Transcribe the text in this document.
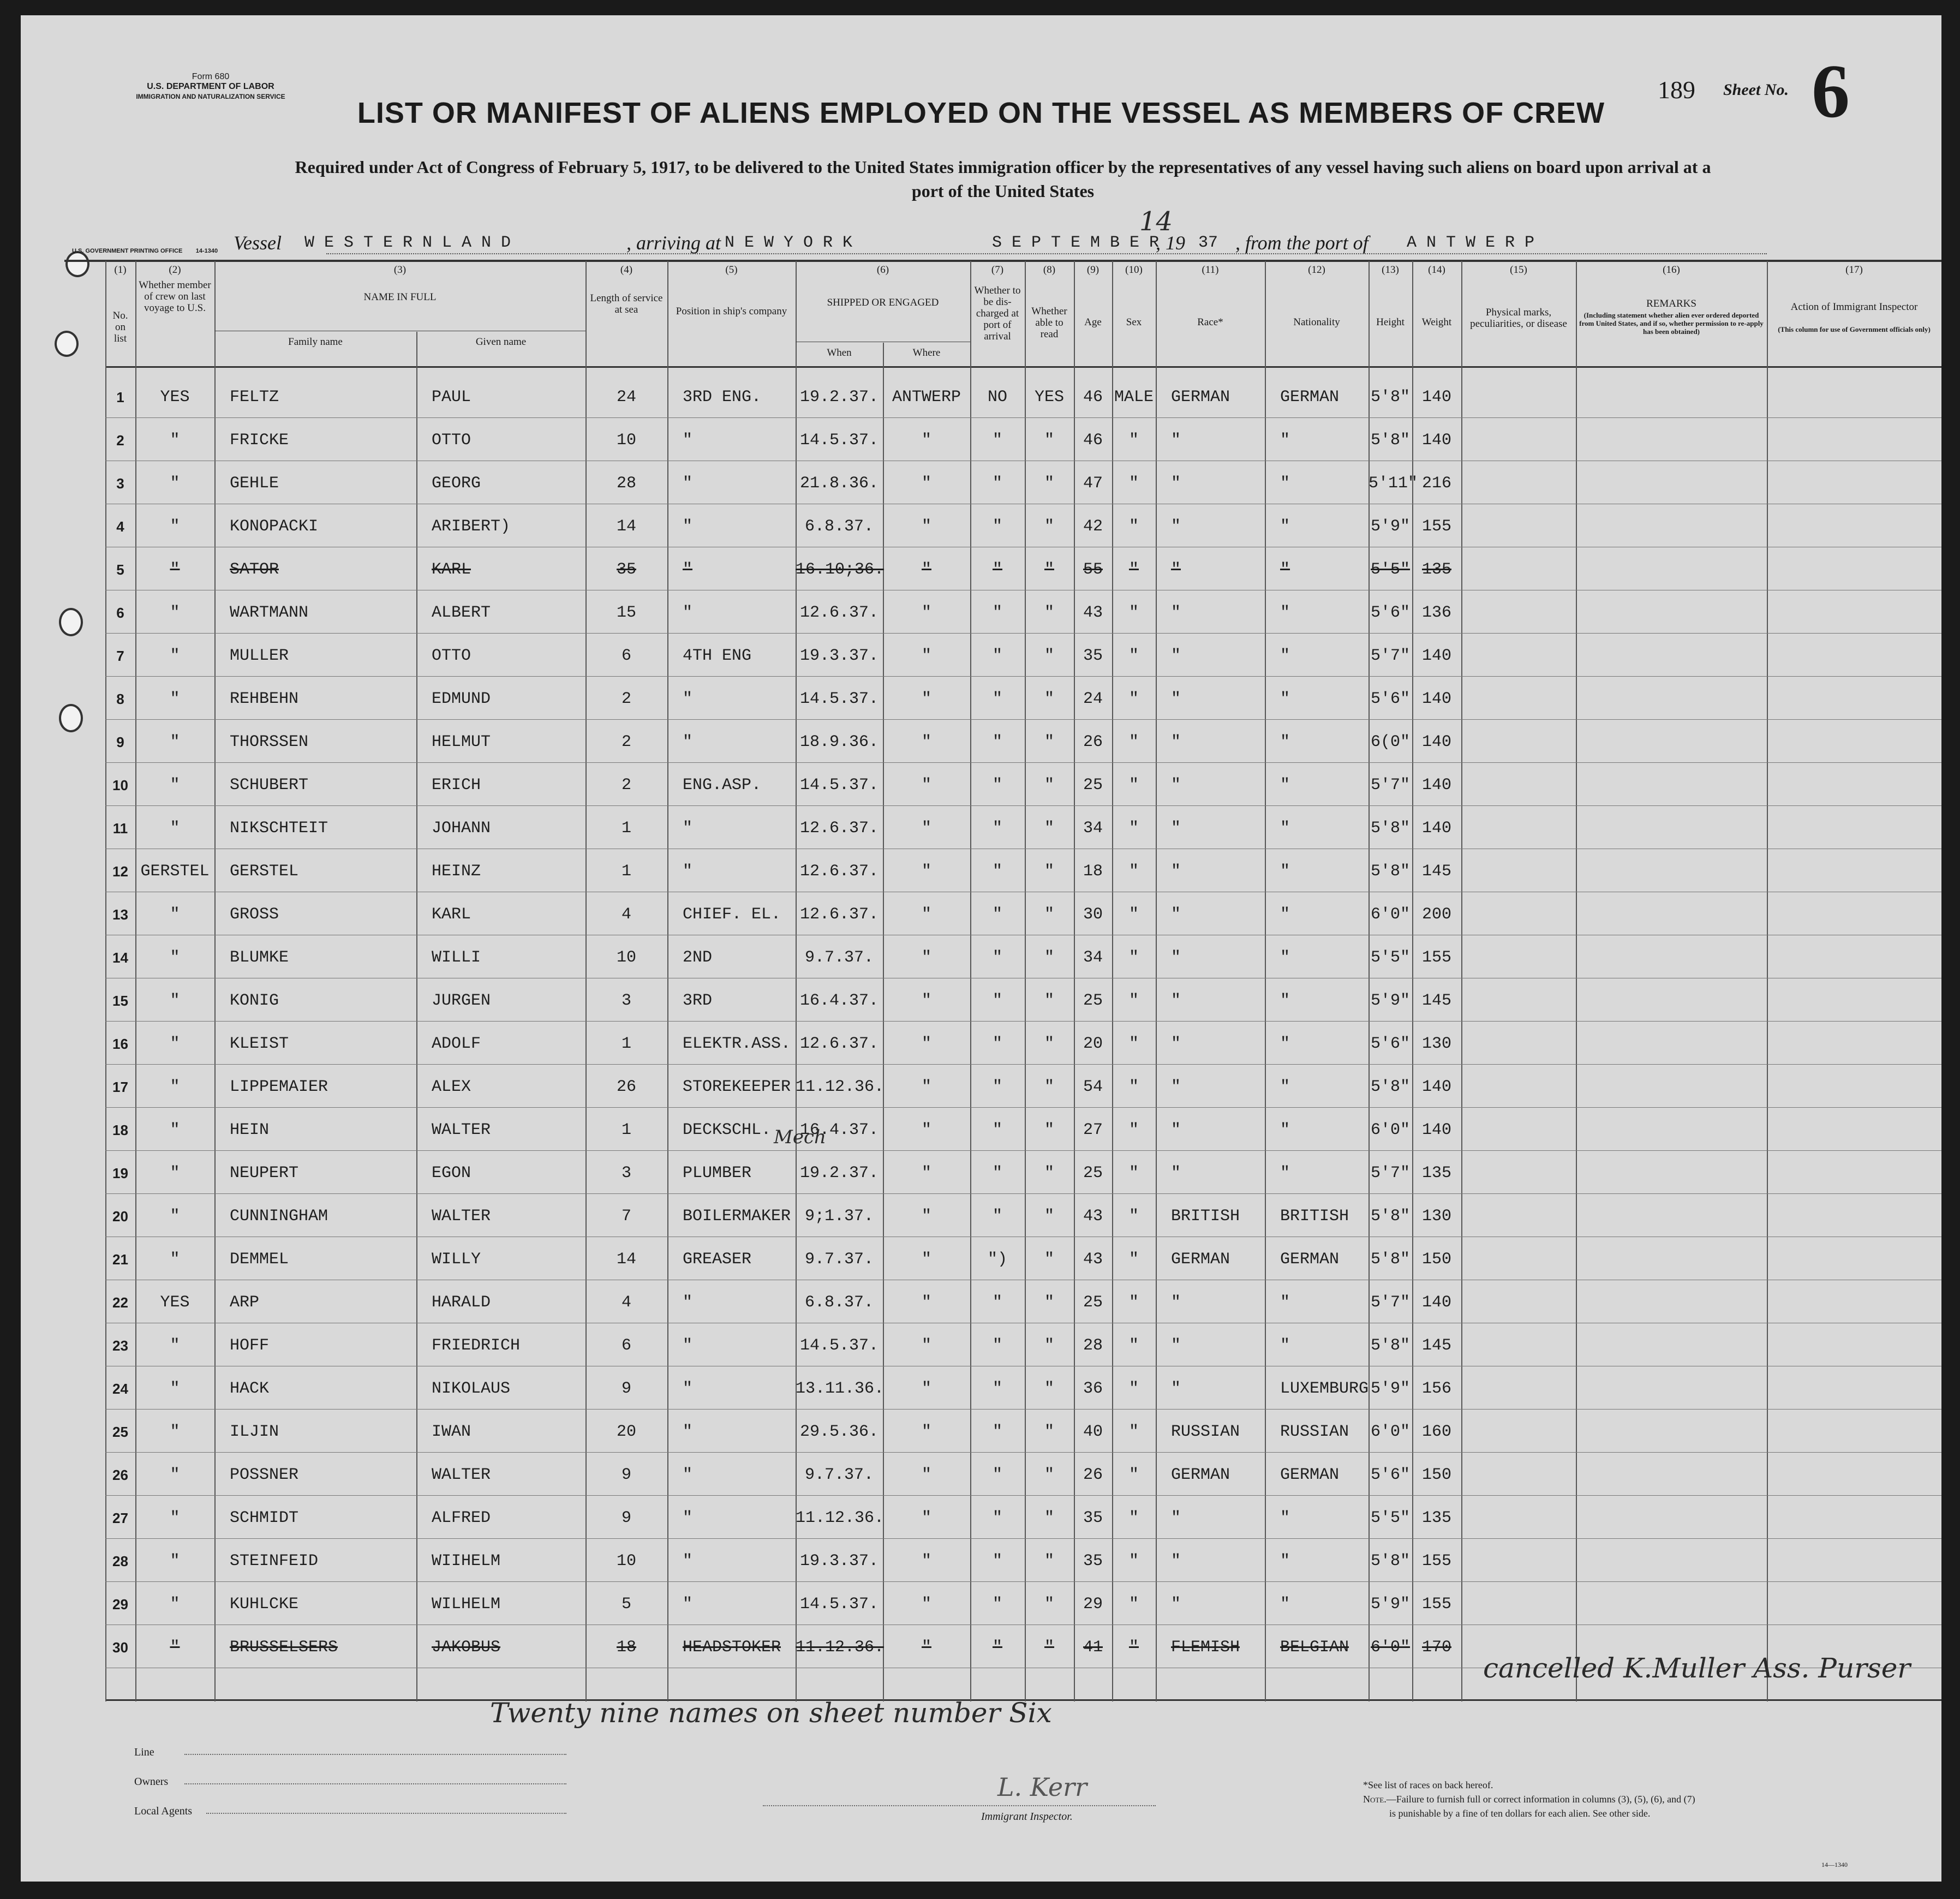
Form 680
U.S. DEPARTMENT OF LABOR
IMMIGRATION AND NATURALIZATION SERVICE	189 Sheet No. 6
LIST OR MANIFEST OF ALIENS EMPLOYED ON THE VESSEL AS MEMBERS OF CREW
Required under Act of Congress of February 5, 1917, to be delivered to the United States immigration officer by the representatives of any vessel having such aliens on board upon arrival at a
port of the United States
Vessel W E S T E R N L A N D	, arriving at N E W Y O R K	S E P T E M B E R
14
, 19 37 , from the port of A N T W E R P
U.S. GOVERNMENT PRINTING OFFICE 14-1340
(1)	(2)	(3)	(4)	(5)	(6)	(7)	(8)	(9)	(10)	(11)	(12)	(13)	(14)	(15)	(16)	(17)
No. on list
Whether member of crew on last voyage to U.S.
NAME IN FULL
Family name	Given name
Length of service at sea	Position in ship's company
SHIPPED OR ENGAGED
When	Where
Whether to be dis-charged at port of arrival
Whether able to read
Age	Sex	Race*	Nationality	Height	Weight
Physical marks, peculiarities, or disease
REMARKS
(Including statement whether alien ever ordered deported from United States, and if so, whether permission to re-apply has been obtained)
Action of Immigrant Inspector
(This column for use of Government officials only)
1	YES	FELTZ	PAUL	24	3RD ENG.	19.2.37. ANTWERP	NO	YES	46 MALE	GERMAN	GERMAN	5'8" 140
2	"	FRICKE	OTTO	10	"	14.5.37.	"	"	"	46	"	"	"	5'8" 140
3	"	GEHLE	GEORG	28	"	21.8.36.	"	"	"	47	"	"	"	5'11" 216
4	"	KONOPACKI	ARIBERT)	14	"	6.8.37.	"	"	"	42	"	"	"	5'9" 155
5	"	SATOR	KARL	35	"	16.10;36.	"	"	"	55	"	"	"	5'5" 135
6	"	WARTMANN	ALBERT	15	"	12.6.37.	"	"	"	43	"	"	"	5'6" 136
7	"	MULLER	OTTO	6	4TH ENG	19.3.37.	"	"	"	35	"	"	"	5'7" 140
8	"	REHBEHN	EDMUND	2	"	14.5.37.	"	"	"	24	"	"	"	5'6" 140
9	"	THORSSEN	HELMUT	2	"	18.9.36.	"	"	"	26	"	"	"	6(0" 140
10	"	SCHUBERT	ERICH	2	ENG.ASP.	14.5.37.	"	"	"	25	"	"	"	5'7" 140
11	"	NIKSCHTEIT	JOHANN	1	"	12.6.37.	"	"	"	34	"	"	"	5'8" 140
12 GERSTEL	GERSTEL	HEINZ	1	"	12.6.37.	"	"	"	18	"	"	"	5'8" 145
13	"	GROSS	KARL	4	CHIEF. EL.	12.6.37.	"	"	"	30	"	"	"	6'0" 200
14	"	BLUMKE	WILLI	10	2ND	9.7.37.	"	"	"	34	"	"	"	5'5" 155
15	"	KONIG	JURGEN	3	3RD	16.4.37.	"	"	"	25	"	"	"	5'9" 145
16	"	KLEIST	ADOLF	1	ELEKTR.ASS. 12.6.37.	"	"	"	20	"	"	"	5'6" 130
17	"	LIPPEMAIER	ALEX	26	STOREKEEPER 11.12.36.	"	"	"	54	"	"	"	5'8" 140
18	"	HEIN	WALTER	1	DECKSCHL.	16.4.37.	"	"	"	27	"	"	"	6'0" 140
19	"	NEUPERT	EGON	3	PLUMBER	19.2.37.	"	"	"	25	"	"	"	5'7" 135
20	"	CUNNINGHAM	WALTER	7	BOILERMAKER 9;1.37.	"	"	"	43	"	BRITISH	BRITISH	5'8" 130
21	"	DEMMEL	WILLY	14	GREASER	9.7.37.	"	")	"	43	"	GERMAN	GERMAN	5'8" 150
22	YES	ARP	HARALD	4	"	6.8.37.	"	"	"	25	"	"	"	5'7" 140
23	"	HOFF	FRIEDRICH	6	"	14.5.37.	"	"	"	28	"	"	"	5'8" 145
24	"	HACK	NIKOLAUS	9	"	13.11.36.	"	"	"	36	"	"	LUXEMBURG 5'9" 156
25	"	ILJIN	IWAN	20	"	29.5.36.	"	"	"	40	"	RUSSIAN	RUSSIAN	6'0" 160
26	"	POSSNER	WALTER	9	"	9.7.37.	"	"	"	26	"	GERMAN	GERMAN	5'6" 150
27	"	SCHMIDT	ALFRED	9	"	11.12.36.	"	"	"	35	"	"	"	5'5" 135
28	"	STEINFEID	WIIHELM	10	"	19.3.37.	"	"	"	35	"	"	"	5'8" 155
29	"	KUHLCKE	WILHELM	5	"	14.5.37.	"	"	"	29	"	"	"	5'9" 155
30	"	BRUSSELSERS	JAKOBUS	18	HEADSTOKER 11.12.36.	"	"	"	41	"	FLEMISH	BELGIAN	6'0" 170
cancelled K.Muller Ass. Purser
Twenty nine names on sheet number Six
Mech
Line
Owners
Local Agents
L. Kerr
Immigrant Inspector.
*See list of races on back hereof.
Note.—Failure to furnish full or correct information in columns (3), (5), (6), and (7)
is punishable by a fine of ten dollars for each alien. See other side.
14—1340
